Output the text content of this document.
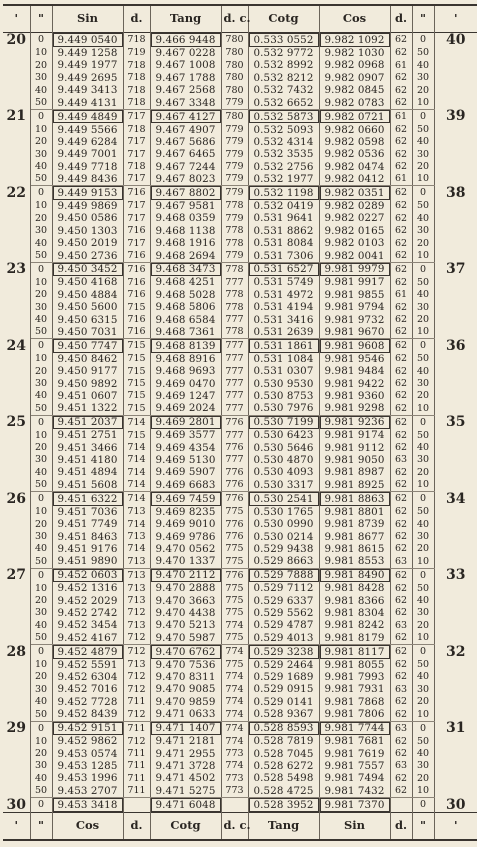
'	"	Sin	d.	Tang	d. c.	Cotg	Cos	d.	"	'
20	0	9.449 0540	718	9.466 9448	780	0.533 0552	9.982 1092	62	0	40
	10	9.449 1258	719	9.467 0228	780	0.532 9772	9.982 1030	62	50	
	20	9.449 1977	718	9.467 1008	780	0.532 8992	9.982 0968	61	40	
	30	9.449 2695	718	9.467 1788	780	0.532 8212	9.982 0907	62	30	
	40	9.449 3413	718	9.467 2568	780	0.532 7432	9.982 0845	62	20	
	50	9.449 4131	718	9.467 3348	779	0.532 6652	9.982 0783	62	10	
21	0	9.449 4849	717	9.467 4127	780	0.532 5873	9.982 0721	61	0	39
	10	9.449 5566	718	9.467 4907	779	0.532 5093	9.982 0660	62	50	
	20	9.449 6284	717	9.467 5686	779	0.532 4314	9.982 0598	62	40	
	30	9.449 7001	717	9.467 6465	779	0.532 3535	9.982 0536	62	30	
	40	9.449 7718	718	9.467 7244	779	0.532 2756	9.982 0474	62	20	
	50	9.449 8436	717	9.467 8023	779	0.532 1977	9.982 0412	61	10	
22	0	9.449 9153	716	9.467 8802	779	0.532 1198	9.982 0351	62	0	38
	10	9.449 9869	717	9.467 9581	778	0.532 0419	9.982 0289	62	50	
	20	9.450 0586	717	9.468 0359	779	0.531 9641	9.982 0227	62	40	
	30	9.450 1303	716	9.468 1138	778	0.531 8862	9.982 0165	62	30	
	40	9.450 2019	717	9.468 1916	778	0.531 8084	9.982 0103	62	20	
	50	9.450 2736	716	9.468 2694	779	0.531 7306	9.982 0041	62	10	
23	0	9.450 3452	716	9.468 3473	778	0.531 6527	9.981 9979	62	0	37
	10	9.450 4168	716	9.468 4251	777	0.531 5749	9.981 9917	62	50	
	20	9.450 4884	716	9.468 5028	778	0.531 4972	9.981 9855	61	40	
	30	9.450 5600	715	9.468 5806	778	0.531 4194	9.981 9794	62	30	
	40	9.450 6315	716	9.468 6584	777	0.531 3416	9.981 9732	62	20	
	50	9.450 7031	716	9.468 7361	778	0.531 2639	9.981 9670	62	10	
24	0	9.450 7747	715	9.468 8139	777	0.531 1861	9.981 9608	62	0	36
	10	9.450 8462	715	9.468 8916	777	0.531 1084	9.981 9546	62	50	
	20	9.450 9177	715	9.468 9693	777	0.531 0307	9.981 9484	62	40	
	30	9.450 9892	715	9.469 0470	777	0.530 9530	9.981 9422	62	30	
	40	9.451 0607	715	9.469 1247	777	0.530 8753	9.981 9360	62	20	
	50	9.451 1322	715	9.469 2024	777	0.530 7976	9.981 9298	62	10	
25	0	9.451 2037	714	9.469 2801	776	0.530 7199	9.981 9236	62	0	35
	10	9.451 2751	715	9.469 3577	777	0.530 6423	9.981 9174	62	50	
	20	9.451 3466	714	9.469 4354	776	0.530 5646	9.981 9112	62	40	
	30	9.451 4180	714	9.469 5130	777	0.530 4870	9.981 9050	63	30	
	40	9.451 4894	714	9.469 5907	776	0.530 4093	9.981 8987	62	20	
	50	9.451 5608	714	9.469 6683	776	0.530 3317	9.981 8925	62	10	
26	0	9.451 6322	714	9.469 7459	776	0.530 2541	9.981 8863	62	0	34
	10	9.451 7036	713	9.469 8235	775	0.530 1765	9.981 8801	62	50	
	20	9.451 7749	714	9.469 9010	776	0.530 0990	9.981 8739	62	40	
	30	9.451 8463	713	9.469 9786	776	0.530 0214	9.981 8677	62	30	
	40	9.451 9176	714	9.470 0562	775	0.529 9438	9.981 8615	62	20	
	50	9.451 9890	713	9.470 1337	775	0.529 8663	9.981 8553	63	10	
27	0	9.452 0603	713	9.470 2112	776	0.529 7888	9.981 8490	62	0	33
	10	9.452 1316	713	9.470 2888	775	0.529 7112	9.981 8428	62	50	
	20	9.452 2029	713	9.470 3663	775	0.529 6337	9.981 8366	62	40	
	30	9.452 2742	712	9.470 4438	775	0.529 5562	9.981 8304	62	30	
	40	9.452 3454	713	9.470 5213	774	0.529 4787	9.981 8242	63	20	
	50	9.452 4167	712	9.470 5987	775	0.529 4013	9.981 8179	62	10	
28	0	9.452 4879	712	9.470 6762	774	0.529 3238	9.981 8117	62	0	32
	10	9.452 5591	713	9.470 7536	775	0.529 2464	9.981 8055	62	50	
	20	9.452 6304	712	9.470 8311	774	0.529 1689	9.981 7993	62	40	
	30	9.452 7016	712	9.470 9085	774	0.529 0915	9.981 7931	63	30	
	40	9.452 7728	711	9.470 9859	774	0.529 0141	9.981 7868	62	20	
	50	9.452 8439	712	9.471 0633	774	0.528 9367	9.981 7806	62	10	
29	0	9.452 9151	711	9.471 1407	774	0.528 8593	9.981 7744	63	0	31
	10	9.452 9862	712	9.471 2181	774	0.528 7819	9.981 7681	62	50	
	20	9.453 0574	711	9.471 2955	773	0.528 7045	9.981 7619	62	40	
	30	9.453 1285	711	9.471 3728	774	0.528 6272	9.981 7557	63	30	
	40	9.453 1996	711	9.471 4502	773	0.528 5498	9.981 7494	62	20	
	50	9.453 2707	711	9.471 5275	773	0.528 4725	9.981 7432	62	10	
30	0	9.453 3418		9.471 6048		0.528 3952	9.981 7370		0	30
'	"	Cos	d.	Cotg	d. c.	Tang	Sin	d.	"	'
